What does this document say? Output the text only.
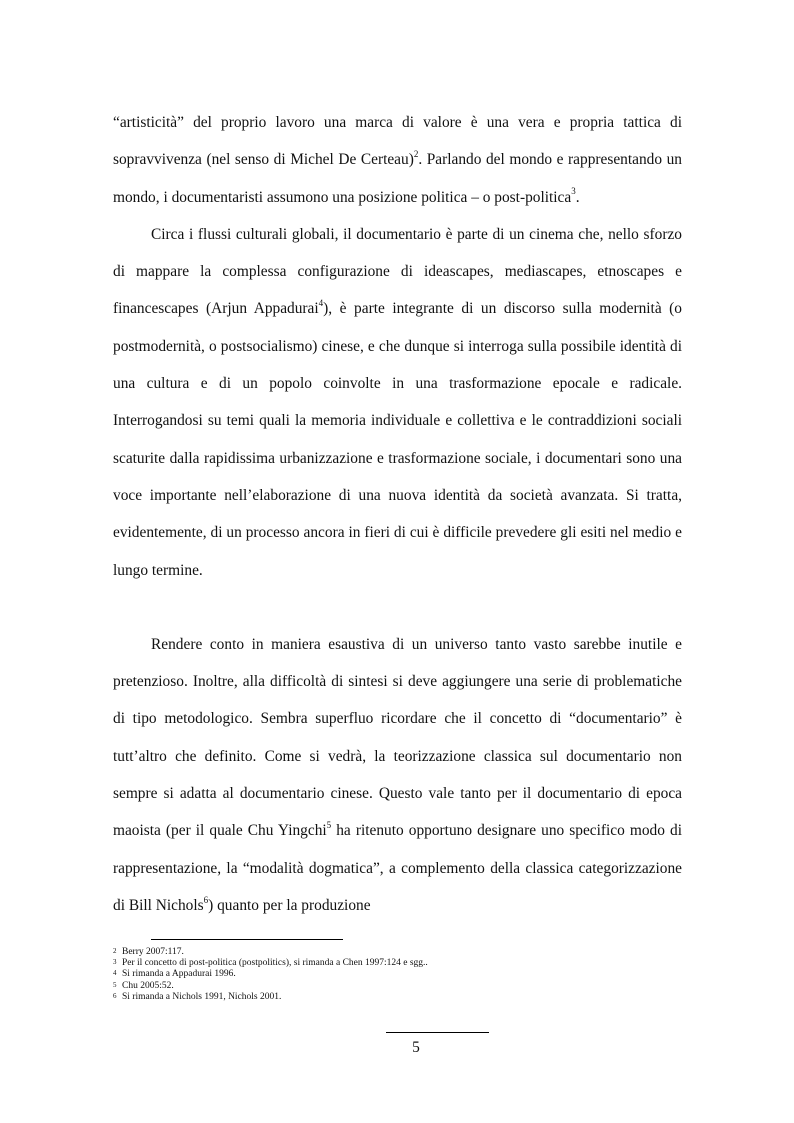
“artisticità” del proprio lavoro una marca di valore è una vera e propria tattica di sopravvivenza (nel senso di Michel De Certeau)$^2$. Parlando del mondo e rappresentando un mondo, i documentaristi assumono una posizione politica – o post-politica$^3$.

Circa i flussi culturali globali, il documentario è parte di un cinema che, nello sforzo di mappare la complessa configurazione di ideascapes, mediascapes, etnoscapes e financescapes (Arjun Appadurai$^4$), è parte integrante di un discorso sulla modernità (o postmodernità, o postsocialismo) cinese, e che dunque si interroga sulla possibile identità di una cultura e di un popolo coinvolte in una trasformazione epocale e radicale. Interrogandosi su temi quali la memoria individuale e collettiva e le contraddizioni sociali scaturite dalla rapidissima urbanizzazione e trasformazione sociale, i documentari sono una voce importante nell’elaborazione di una nuova identità da società avanzata. Si tratta, evidentemente, di un processo ancora in fieri di cui è difficile prevedere gli esiti nel medio e lungo termine.

Rendere conto in maniera esaustiva di un universo tanto vasto sarebbe inutile e pretenzioso. Inoltre, alla difficoltà di sintesi si deve aggiungere una serie di problematiche di tipo metodologico. Sembra superfluo ricordare che il concetto di “documentario” è tutt’altro che definito. Come si vedrà, la teorizzazione classica sul documentario non sempre si adatta al documentario cinese. Questo vale tanto per il documentario di epoca maoista (per il quale Chu Yingchi$^5$ ha ritenuto opportuno designare uno specifico modo di rappresentazione, la “modalità dogmatica”, a complemento della classica categorizzazione di Bill Nichols$^6$) quanto per la produzione

2 Berry 2007:117.
3 Per il concetto di post-politica (postpolitics), si rimanda a Chen 1997:124 e sgg..
4 Si rimanda a Appadurai 1996.
5 Chu 2005:52.
6 Si rimanda a Nichols 1991, Nichols 2001.
5
